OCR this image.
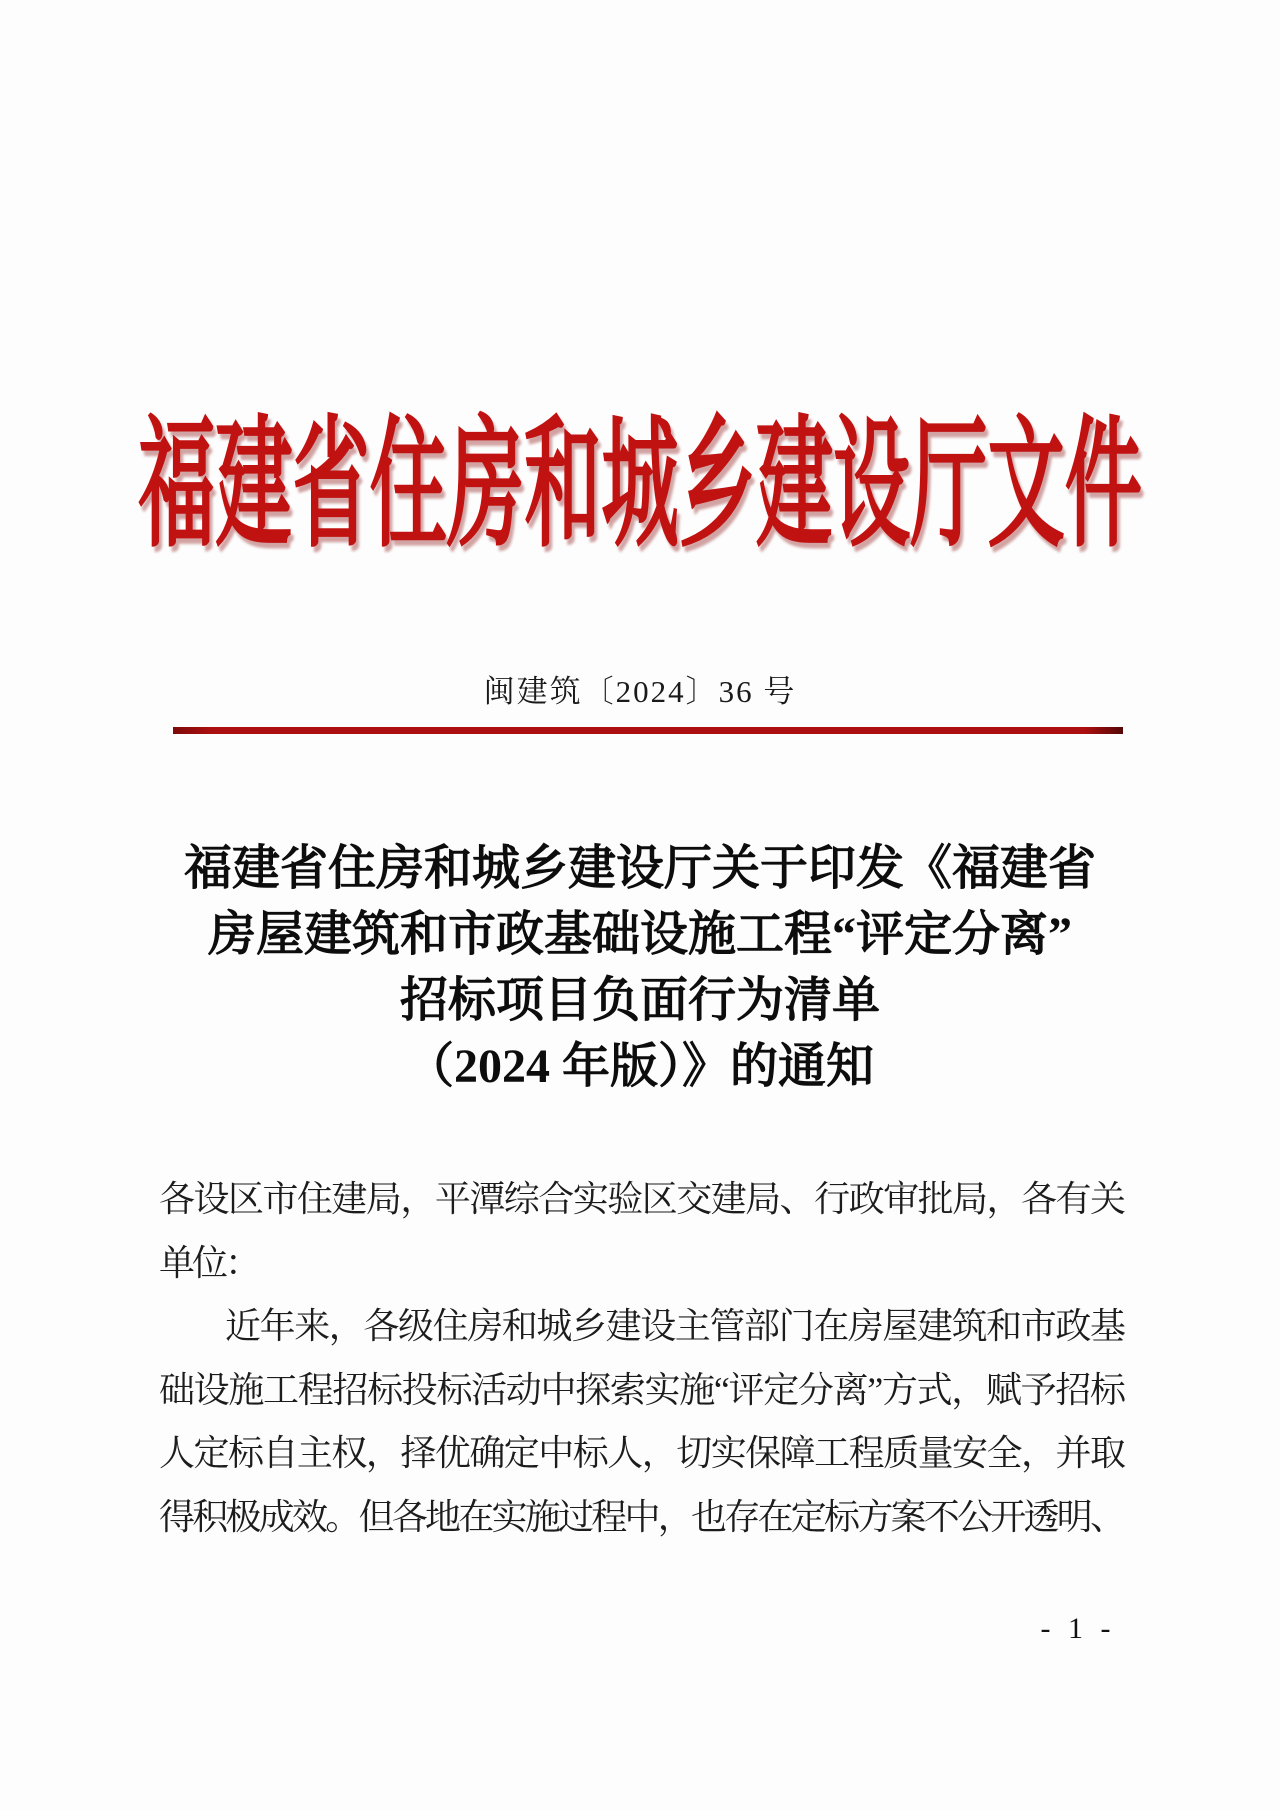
福建省住房和城乡建设厅文件
闽建筑〔2024〕36 号
福建省住房和城乡建设厅关于印发《福建省
房屋建筑和市政基础设施工程“评定分离”
招标项目负面行为清单
（2024 年版）》的通知
各设区市住建局，平潭综合实验区交建局、行政审批局，各有关
单位：
近年来，各级住房和城乡建设主管部门在房屋建筑和市政基
础设施工程招标投标活动中探索实施“评定分离”方式，赋予招标
人定标自主权，择优确定中标人，切实保障工程质量安全，并取
得积极成效。但各地在实施过程中，也存在定标方案不公开透明、
- 1 -
